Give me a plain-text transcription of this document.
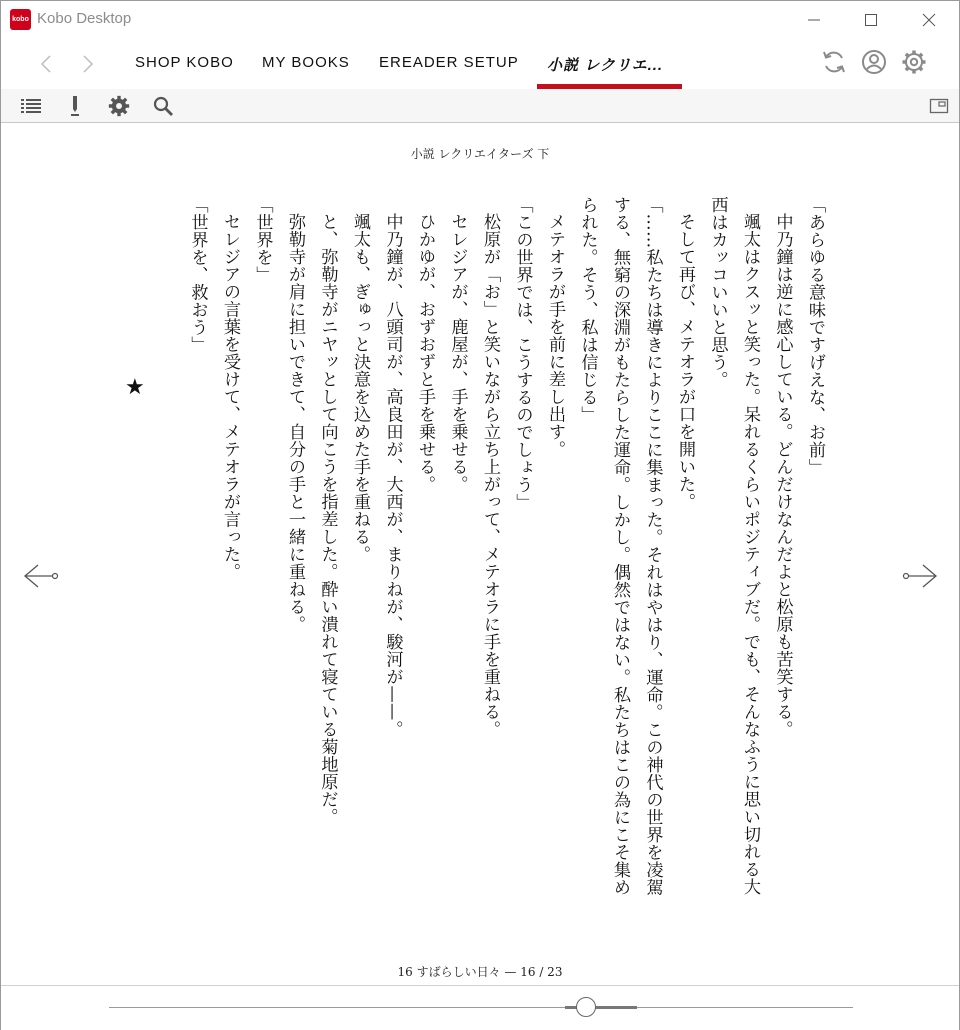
kobo Kobo Desktop
SHOP KOBO MY BOOKS EREADER SETUP 小説 レクリエ...
小説 レクリエイターズ 下

「あらゆる意味ですげえな、お前」

中乃鐘は逆に感心している。どんだけなんだよと松原も苦笑する。

颯太はクスッと笑った。呆れるくらいポジティブだ。でも、そんなふうに思い切れる大西はカッコいいと思う。

そして再び、メテオラが口を開いた。

「……私たちは導きによりここに集まった。それはやはり、運命。この神代の世界を凌駕する、無窮の深淵がもたらした運命。しかし。偶然ではない。私たちはこの為にこそ集められた。そう、私は信じる」

メテオラが手を前に差し出す。

「この世界では、こうするのでしょう」

松原が「お」と笑いながら立ち上がって、メテオラに手を重ねる。

セレジアが、鹿屋が、手を乗せる。

ひかゆが、おずおずと手を乗せる。

中乃鐘が、八頭司が、高良田が、大西が、まりねが、駿河が——。

颯太も、ぎゅっと決意を込めた手を重ねる。

と、弥勒寺がニヤッとして向こうを指差した。酔い潰れて寝ている菊地原だ。

弥勒寺が肩に担いできて、自分の手と一緒に重ねる。

「世界を」

セレジアの言葉を受けて、メテオラが言った。

「世界を、救おう」

★
16 すばらしい日々 — 16 / 23
